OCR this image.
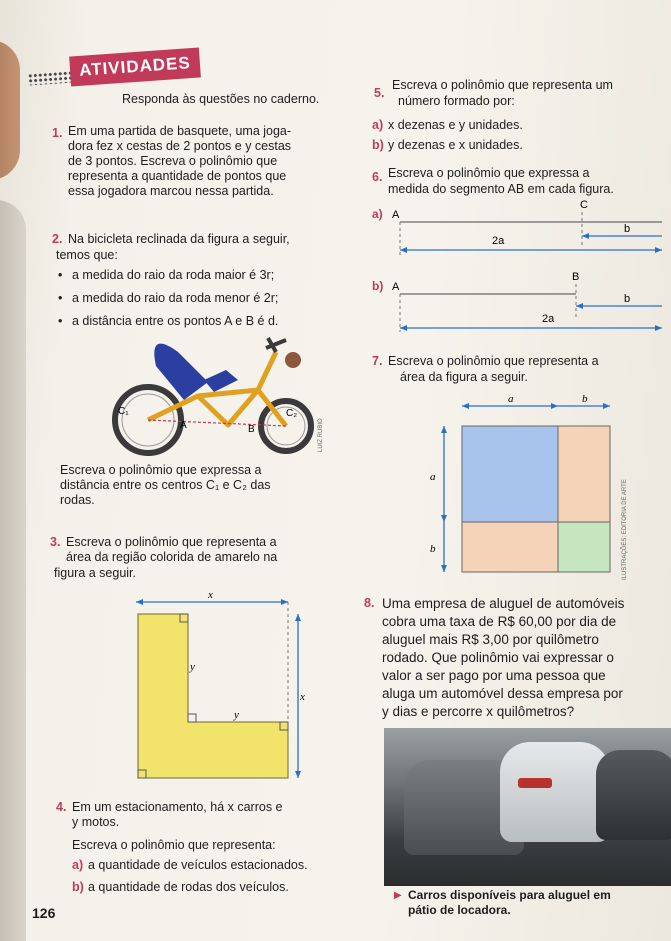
ATIVIDADES
Responda às questões no caderno.
1. Em uma partida de basquete, uma joga-
dora fez x cestas de 2 pontos e y cestas
de 3 pontos. Escreva o polinômio que
representa a quantidade de pontos que
essa jogadora marcou nessa partida.
2. Na bicicleta reclinada da figura a seguir,
temos que:
• a medida do raio da roda maior é 3r;
• a medida do raio da roda menor é 2r;
• a distância entre os pontos A e B é d.
C₁	C₂
A	B	LUIZ RUBIO
Escreva o polinômio que expressa a
distância entre os centros C₁ e C₂ das
rodas.
3. Escreva o polinômio que representa a
área da região colorida de amarelo na
figura a seguir.
x
x
y
y
4. Em um estacionamento, há x carros e
y motos.
Escreva o polinômio que representa:
a) a quantidade de veículos estacionados.
b) a quantidade de rodas dos veículos.
126
5.
Escreva o polinômio que representa um
número formado por:
a) x dezenas e y unidades.
b) y dezenas e x unidades.
6. Escreva o polinômio que expressa a
medida do segmento AB em cada figura.
a) A
C
2a
b
b) A
B
b
2a
7. Escreva o polinômio que representa a
área da figura a seguir.
a	b
a
b	ILUSTRAÇÕES: EDITORIA DE ARTE
8. Uma empresa de aluguel de automóveis
cobra uma taxa de R$ 60,00 por dia de
aluguel mais R$ 3,00 por quilômetro
rodado. Que polinômio vai expressar o
valor a ser pago por uma pessoa que
aluga um automóvel dessa empresa por
y dias e percorre x quilômetros?
▶ Carros disponíveis para aluguel em
pátio de locadora.
